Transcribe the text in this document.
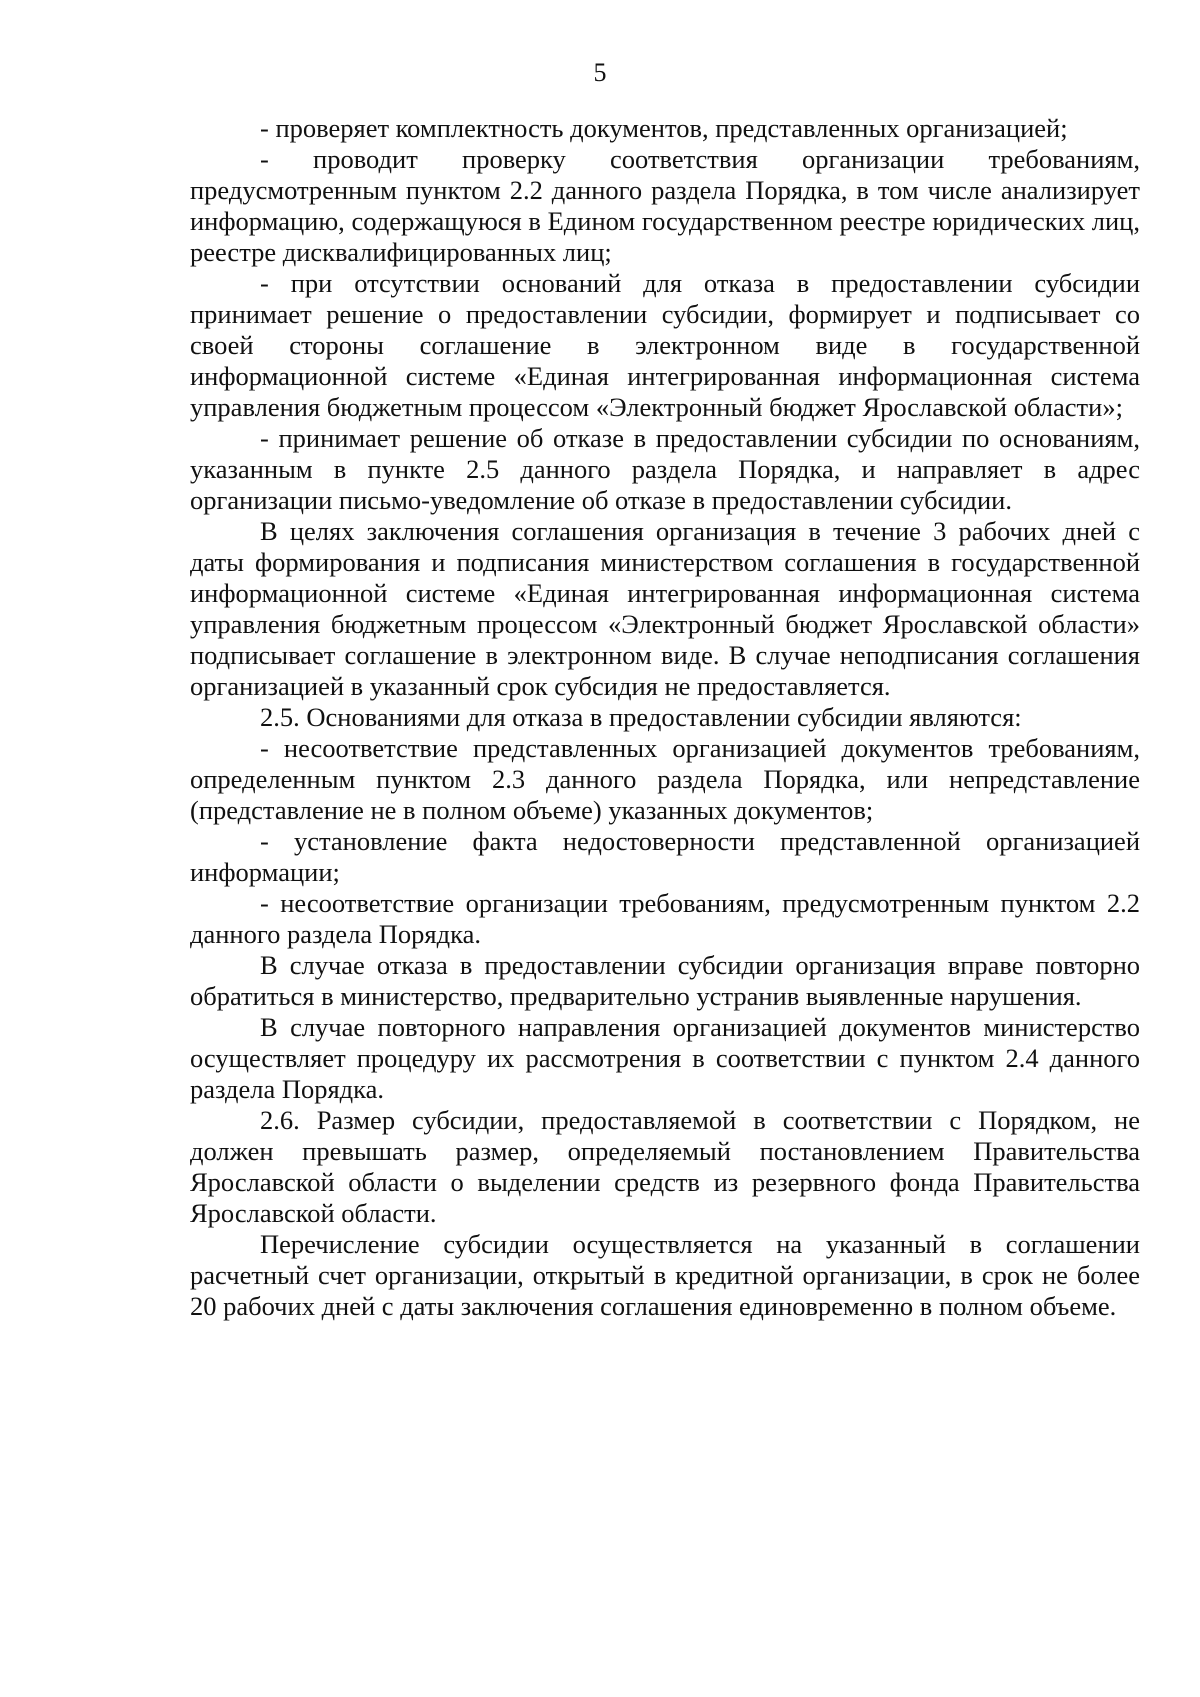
5

- проверяет комплектность документов, представленных организацией;

- проводит проверку соответствия организации требованиям, предусмотренным пунктом 2.2 данного раздела Порядка, в том числе анализирует информацию, содержащуюся в Едином государственном реестре юридических лиц, реестре дисквалифицированных лиц;

- при отсутствии оснований для отказа в предоставлении субсидии принимает решение о предоставлении субсидии, формирует и подписывает со своей стороны соглашение в электронном виде в государственной информационной системе «Единая интегрированная информационная система управления бюджетным процессом «Электронный бюджет Ярославской области»;

- принимает решение об отказе в предоставлении субсидии по основаниям, указанным в пункте 2.5 данного раздела Порядка, и направляет в адрес организации письмо-уведомление об отказе в предоставлении субсидии.

В целях заключения соглашения организация в течение 3 рабочих дней с даты формирования и подписания министерством соглашения в государственной информационной системе «Единая интегрированная информационная система управления бюджетным процессом «Электронный бюджет Ярославской области» подписывает соглашение в электронном виде. В случае неподписания соглашения организацией в указанный срок субсидия не предоставляется.

2.5. Основаниями для отказа в предоставлении субсидии являются:

- несоответствие представленных организацией документов требованиям, определенным пунктом 2.3 данного раздела Порядка, или непредставление (представление не в полном объеме) указанных документов;

- установление факта недостоверности представленной организацией информации;

- несоответствие организации требованиям, предусмотренным пунктом 2.2 данного раздела Порядка.

В случае отказа в предоставлении субсидии организация вправе повторно обратиться в министерство, предварительно устранив выявленные нарушения.

В случае повторного направления организацией документов министерство осуществляет процедуру их рассмотрения в соответствии с пунктом 2.4 данного раздела Порядка.

2.6. Размер субсидии, предоставляемой в соответствии с Порядком, не должен превышать размер, определяемый постановлением Правительства Ярославской области о выделении средств из резервного фонда Правительства Ярославской области.

Перечисление субсидии осуществляется на указанный в соглашении расчетный счет организации, открытый в кредитной организации, в срок не более 20 рабочих дней с даты заключения соглашения единовременно в полном объеме.
